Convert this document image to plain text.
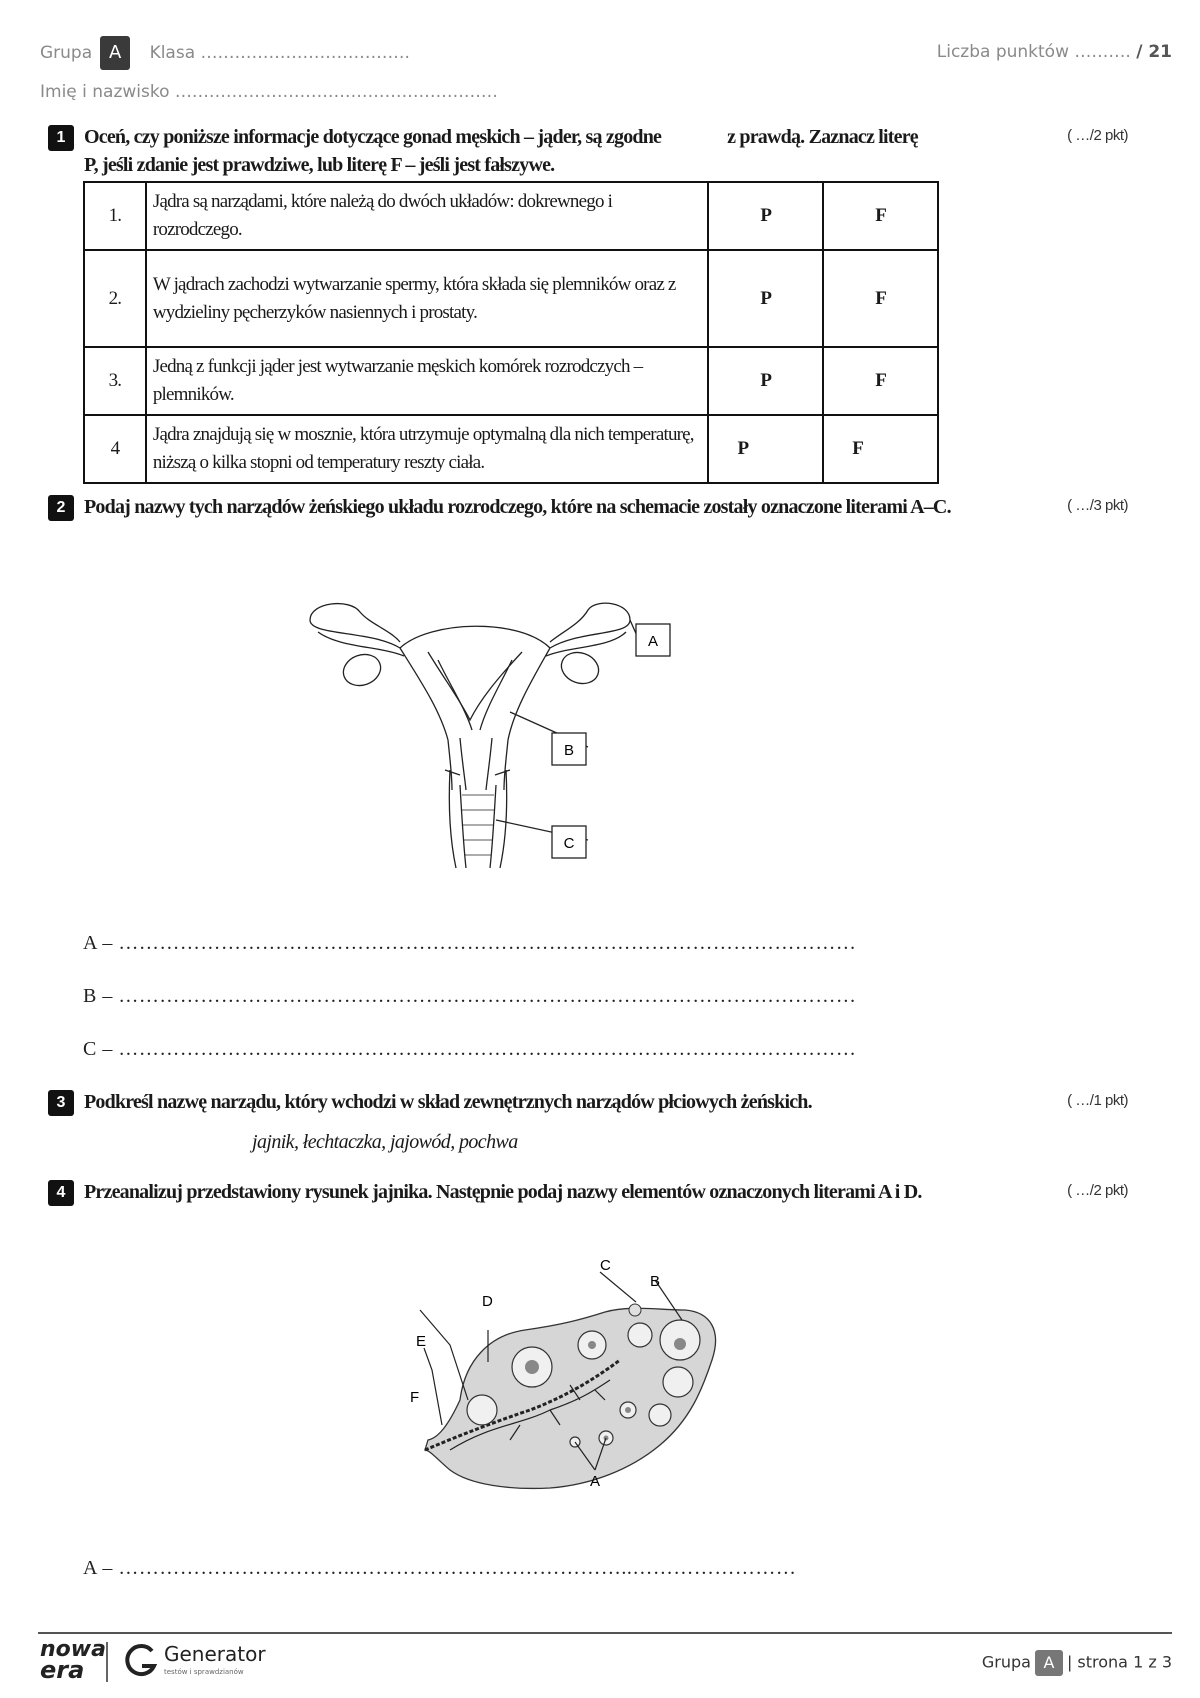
Grupa A Klasa ……………………………….	Liczba punktów ………. / 21
Imię i nazwisko …………………………………………………
1 Oceń, czy poniższe informacje dotyczące gonad męskich – jąder, są zgodne	z prawdą. Zaznacz literę
P, jeśli zdanie jest prawdziwe, lub literę F – jeśli jest fałszywe.
( …/2 pkt)
1.	Jądra są narządami, które należą do dwóch układów: dokrewnego i rozrodczego.	P	F
2.	W jądrach zachodzi wytwarzanie spermy, która składa się plemników oraz z wydzieliny pęcherzyków nasiennych i prostaty.	P	F
3.	Jedną z funkcji jąder jest wytwarzanie męskich komórek rozrodczych – plemników.	P	F
4	Jądra znajdują się w mosznie, która utrzymuje optymalną dla nich temperaturę, niższą o kilka stopni od temperatury reszty ciała.	P	F
2 Podaj nazwy tych narządów żeńskiego układu rozrodczego, które na schemacie zostały oznaczone literami A–C.	( …/3 pkt)
A
B
C
A – ………………………………………………………………………………………………
B – ………………………………………………………………………………………………
C – ………………………………………………………………………………………………
3 Podkreśl nazwę narządu, który wchodzi w skład zewnętrznych narządów płciowych żeńskich.	( …/1 pkt)
jajnik, łechtaczka, jajowód, pochwa
4 Przeanalizuj przedstawiony rysunek jajnika. Następnie podaj nazwy elementów oznaczonych literami A i D.	( …/2 pkt)
C
B
D
E
F
A
A – ……………………………..…………………………………..……………………
nowa
era
Generator
testów i sprawdzianów
Grupa A | strona 1 z 3
